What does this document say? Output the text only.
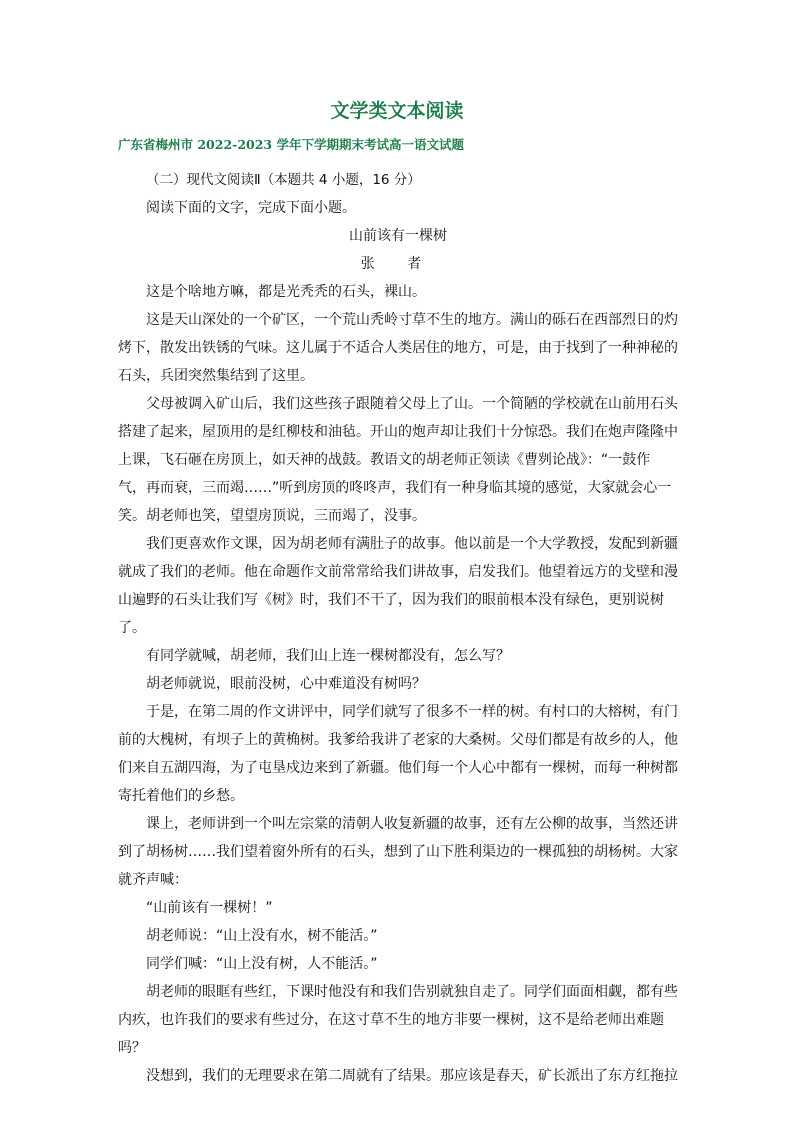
文学类文本阅读
广东省梅州市 2022-2023 学年下学期期末考试高一语文试题

（二）现代文阅读Ⅱ（本题共 4 小题，16 分）

阅读下面的文字，完成下面小题。

山前该有一棵树

张 者

这是个啥地方嘛，都是光秃秃的石头，裸山。

这是天山深处的一个矿区，一个荒山秃岭寸草不生的地方。满山的砾石在西部烈日的灼烤下，散发出铁锈的气味。这儿属于不适合人类居住的地方，可是，由于找到了一种神秘的石头，兵团突然集结到了这里。

父母被调入矿山后，我们这些孩子跟随着父母上了山。一个简陋的学校就在山前用石头搭建了起来，屋顶用的是红柳枝和油毡。开山的炮声却让我们十分惊恐。我们在炮声隆隆中上课，飞石砸在房顶上，如天神的战鼓。教语文的胡老师正领读《曹刿论战》：“一鼓作气，再而衰，三而竭……”听到房顶的咚咚声，我们有一种身临其境的感觉，大家就会心一笑。胡老师也笑，望望房顶说，三而竭了，没事。

我们更喜欢作文课，因为胡老师有满肚子的故事。他以前是一个大学教授，发配到新疆就成了我们的老师。他在命题作文前常常给我们讲故事，启发我们。他望着远方的戈壁和漫山遍野的石头让我们写《树》时，我们不干了，因为我们的眼前根本没有绿色，更别说树了。

有同学就喊，胡老师，我们山上连一棵树都没有，怎么写？

胡老师就说，眼前没树，心中难道没有树吗？

于是，在第二周的作文讲评中，同学们就写了很多不一样的树。有村口的大榕树，有门前的大槐树，有坝子上的黄桷树。我爹给我讲了老家的大桑树。父母们都是有故乡的人，他们来自五湖四海，为了屯垦戍边来到了新疆。他们每一个人心中都有一棵树，而每一种树都寄托着他们的乡愁。

课上，老师讲到一个叫左宗棠的清朝人收复新疆的故事，还有左公柳的故事，当然还讲到了胡杨树……我们望着窗外所有的石头，想到了山下胜利渠边的一棵孤独的胡杨树。大家就齐声喊：

“山前该有一棵树！”

胡老师说：“山上没有水，树不能活。”

同学们喊：“山上没有树，人不能活。”

胡老师的眼眶有些红，下课时他没有和我们告别就独自走了。同学们面面相觑，都有些内疚，也许我们的要求有些过分，在这寸草不生的地方非要一棵树，这不是给老师出难题吗？

没想到，我们的无理要求在第二周就有了结果。那应该是春天，矿长派出了东方红拖拉
